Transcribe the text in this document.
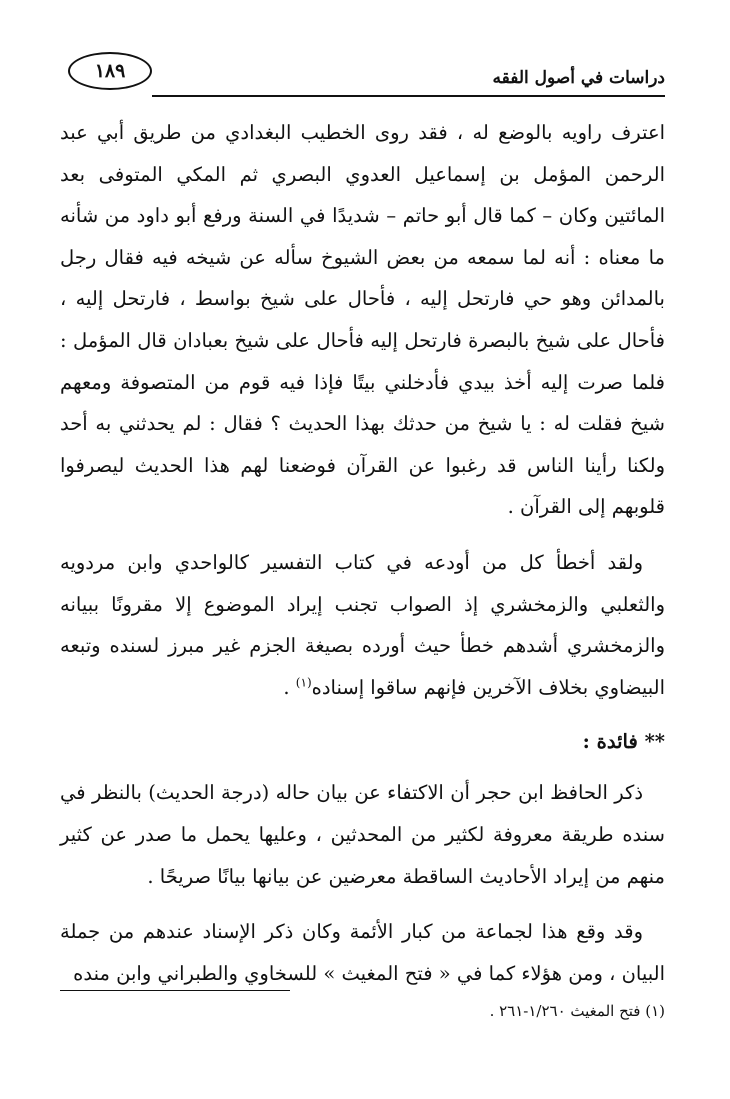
دراسات في أصول الفقه
١٨٩

اعترف راويه بالوضع له ، فقد روى الخطيب البغدادي من طريق أبي عبد الرحمن المؤمل بن إسماعيل العدوي البصري ثم المكي المتوفى بعد المائتين وكان – كما قال أبو حاتم – شديدًا في السنة ورفع أبو داود من شأنه ما معناه : أنه لما سمعه من بعض الشيوخ سأله عن شيخه فيه فقال رجل بالمدائن وهو حي فارتحل إليه ، فأحال على شيخ بواسط ، فارتحل إليه ، فأحال على شيخ بالبصرة فارتحل إليه فأحال على شيخ بعبادان قال المؤمل : فلما صرت إليه أخذ بيدي فأدخلني بيتًا فإذا فيه قوم من المتصوفة ومعهم شيخ فقلت له : يا شيخ من حدثك بهذا الحديث ؟ فقال : لم يحدثني به أحد ولكنا رأينا الناس قد رغبوا عن القرآن فوضعنا لهم هذا الحديث ليصرفوا قلوبهم إلى القرآن .

ولقد أخطأ كل من أودعه في كتاب التفسير كالواحدي وابن مردويه والثعلبي والزمخشري إذ الصواب تجنب إيراد الموضوع إلا مقرونًا ببيانه والزمخشري أشدهم خطأ حيث أورده بصيغة الجزم غير مبرز لسنده وتبعه البيضاوي بخلاف الآخرين فإنهم ساقوا إسناده$^{(١)}$ .

** فائدة :

ذكر الحافظ ابن حجر أن الاكتفاء عن بيان حاله (درجة الحديث) بالنظر في سنده طريقة معروفة لكثير من المحدثين ، وعليها يحمل ما صدر عن كثير منهم من إيراد الأحاديث الساقطة معرضين عن بيانها بيانًا صريحًا .

وقد وقع هذا لجماعة من كبار الأئمة وكان ذكر الإسناد عندهم من جملة البيان ، ومن هؤلاء كما في « فتح المغيث » للسخاوي والطبراني وابن منده

(١) فتح المغيث ١/٢٦٠-٢٦١ .
